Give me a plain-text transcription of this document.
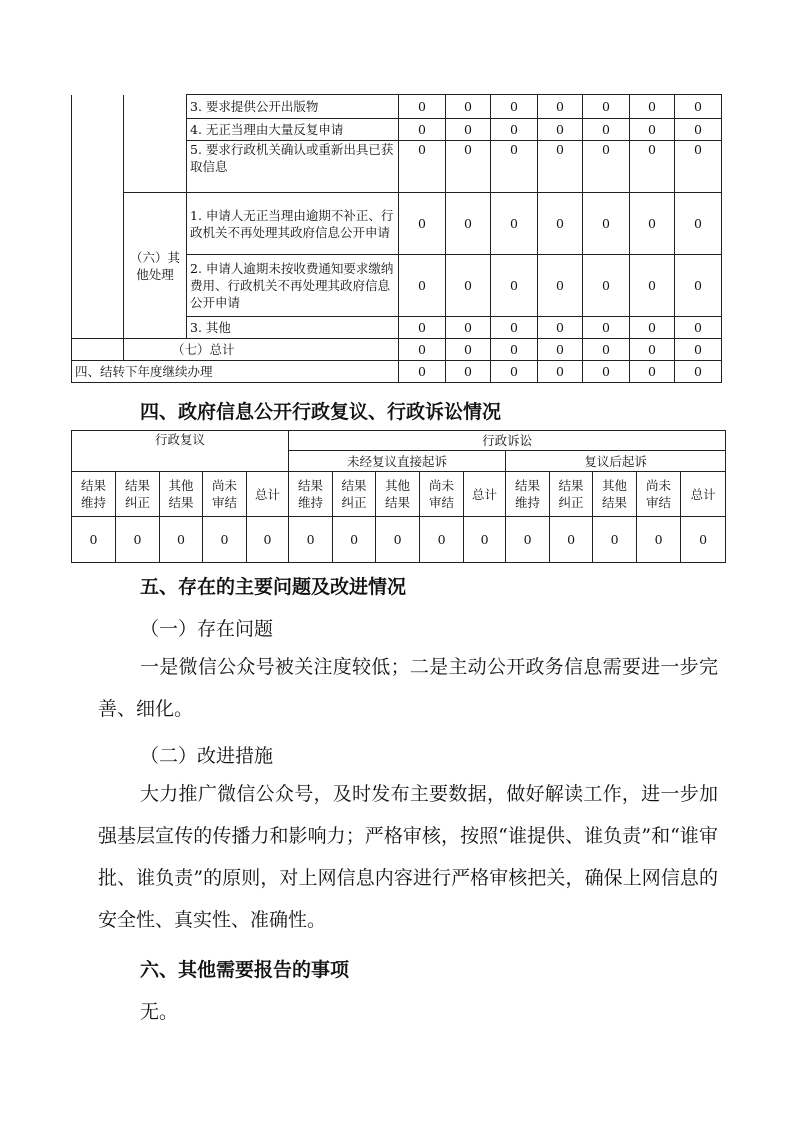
		3. 要求提供公开出版物	0	0	0	0	0	0	0
		4. 无正当理由大量反复申请	0	0	0	0	0	0	0
		5. 要求行政机关确认或重新出具已获取信息	0	0	0	0	0	0	0
	（六）其他处理	1. 申请人无正当理由逾期不补正、行政机关不再处理其政府信息公开申请	0	0	0	0	0	0	0
		2. 申请人逾期未按收费通知要求缴纳费用、行政机关不再处理其政府信息公开申请	0	0	0	0	0	0	0
		3. 其他	0	0	0	0	0	0	0
	（七）总计		0	0	0	0	0	0	0
四、结转下年度继续办理			0	0	0	0	0	0	0
四、政府信息公开行政复议、行政诉讼情况
行政复议					行政诉讼									
					未经复议直接起诉					复议后起诉				
结果维持	结果纠正	其他结果	尚未审结	总计	结果维持	结果纠正	其他结果	尚未审结	总计	结果维持	结果纠正	其他结果	尚未审结	总计
0	0	0	0	0	0	0	0	0	0	0	0	0	0	0
五、存在的主要问题及改进情况

（一）存在问题

一是微信公众号被关注度较低；二是主动公开政务信息需要进一步完善、细化。

（二）改进措施

大力推广微信公众号，及时发布主要数据，做好解读工作，进一步加强基层宣传的传播力和影响力；严格审核，按照“谁提供、谁负责”和“谁审批、谁负责”的原则，对上网信息内容进行严格审核把关，确保上网信息的安全性、真实性、准确性。

六、其他需要报告的事项

无。
